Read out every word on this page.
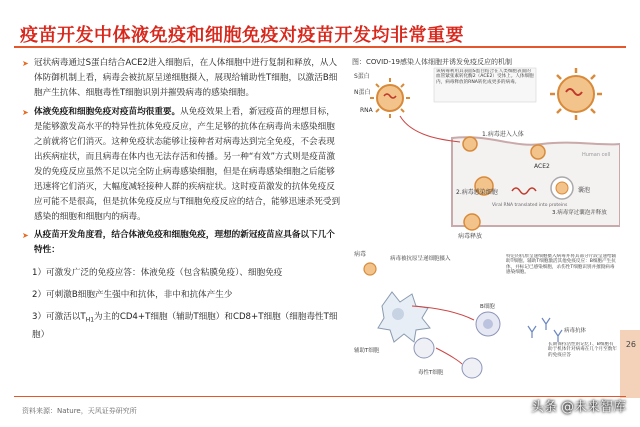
疫苗开发中体液免疫和细胞免疫对疫苗开发均非常重要

➤ 冠状病毒通过S蛋白结合ACE2进入细胞后，在人体细胞中进行复制和释放，从人体防御机制上看，病毒会被抗原呈递细胞摄入，展现给辅助性T细胞，以激活B细胞产生抗体、细胞毒性T细胞识别并摧毁病毒的感染细胞。

➤ 体液免疫和细胞免疫对疫苗均很重要。从免疫效果上看，新冠疫苗的理想目标，是能够激发高水平的特异性抗体免疫反应，产生足够的抗体在病毒尚未感染细胞之前就将它们消灭。这种免疫状态能够让接种者对病毒达到完全免疫，不会表现出疾病症状，而且病毒在体内也无法存活和传播。另一种“有效”方式则是疫苗激发的免疫反应虽然不足以完全防止病毒感染细胞，但是在病毒感染细胞之后能够迅速将它们消灭，大幅度减轻接种人群的疾病症状。这时疫苗激发的抗体免疫反应可能不是很高，但是抗体免疫反应与T细胞免疫反应的结合，能够迅速杀死受到感染的细胞和细胞内的病毒。

➤ 从疫苗开发角度看，结合体液免疫和细胞免疫，理想的新冠疫苗应具备以下几个特性：

1）可激发广泛的免疫应答：体液免疫（包含粘膜免疫）、细胞免疫

2）可刺激B细胞产生强中和抗体，非中和抗体产生少

3）可激活以$T_{H1}$为主的CD4+T细胞（辅助T细胞）和CD8+T细胞（细胞毒性T细胞）

图：COVID-19感染人体细胞并诱发免疫反应的机制
S蛋白
N蛋白
RNA
该病毒利用其表面S蛋白结合在人类细胞表面的血管紧张素转化酶2（ACE2）受体上。人体细胞内，病毒释放的RNA转化成更多的病毒。
1.病毒进入人体
ACE2
Human cell
2.病毒感染细胞
Viral RNA translated into proteins
囊泡
3.病毒穿过囊泡并释放
病毒释放
病毒
病毒被抗原呈递细胞摄入	特定的抗原呈递细胞摄入病毒并将其部分片段呈递给辅助T细胞。辅助T细胞激活其他免疫反应：B细胞产生抗体，并标记已感染细胞，杀伤性T细胞识别并摧毁病毒感染细胞。
B细胞
辅助T细胞
病毒抗体
毒性T细胞
长期保持活性的记忆T、B细胞有助于机体针对病毒在几个月至数年的免疫应答
26
资料来源：Nature，天风证券研究所	头条 @未来智库
